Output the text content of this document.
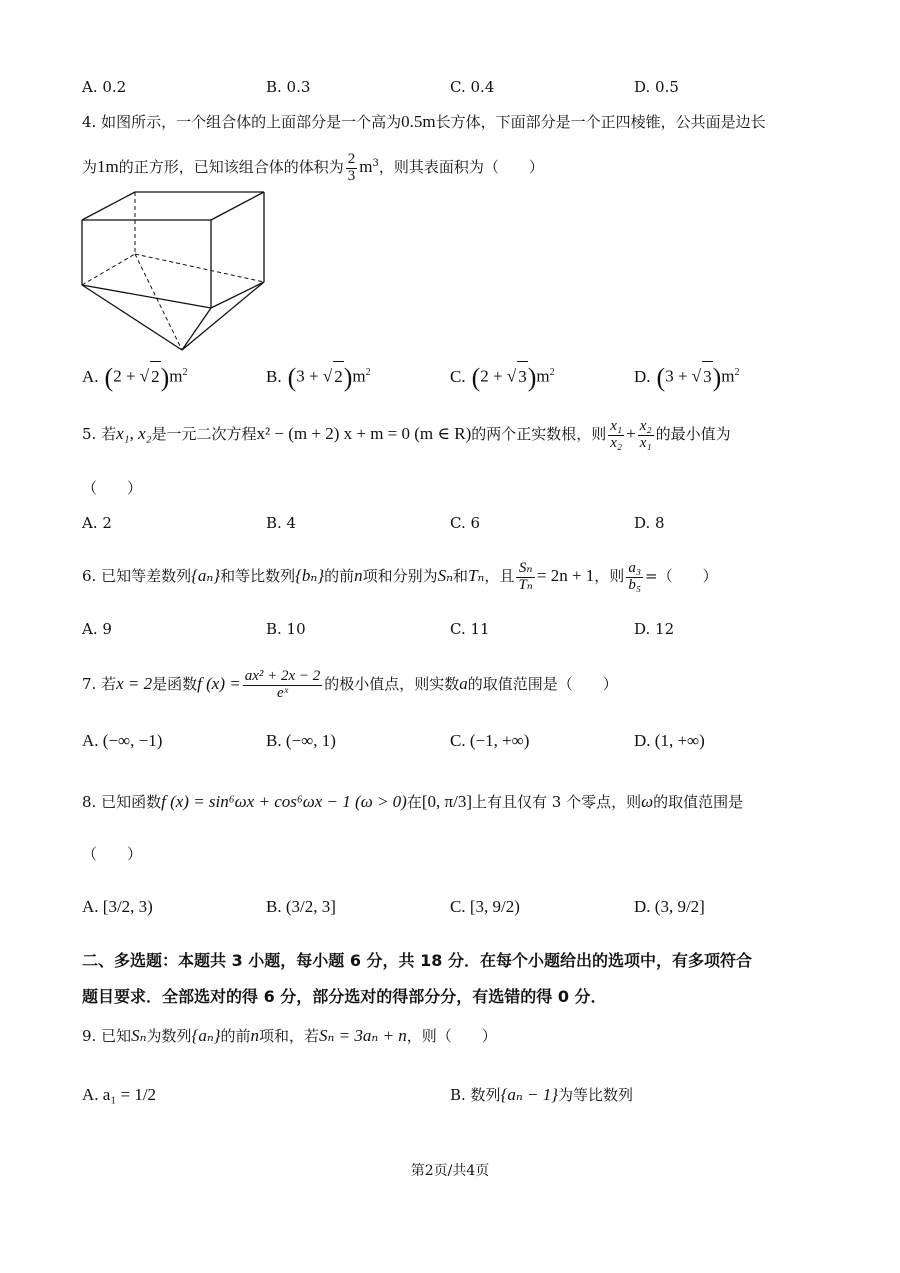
A. 0.2	B. 0.3	C. 0.4	D. 0.5
4. 如图所示，一个组合体的上面部分是一个高为0.5m长方体，下面部分是一个正四棱锥，公共面是边长
为1m的正方形，已知该组合体的体积为 $\frac{2}{3} m^3$，则其表面积为（　　）
A. (2 + √ $2)m^2$	B. (3 + √ $2)m^2$	C. (2 + √ $3)m^2$	D. (3 + √ $3)m^2$
5. 若x₁, x₂是一元二次方程x² − (m + 2) x + m = 0 (m ∈ R)的两个正实数根，则 $\frac{\text{x₁}}{\text{x₂}} + \frac{\text{x₂}}{\text{x₁}}$ 的最小值为
（　　）
A. 2	B. 4	C. 6	D. 8
6. 已知等差数列{aₙ}和等比数列{bₙ}的前n项和分别为Sₙ和Tₙ，且 $\frac{\text{Sₙ}}{\text{Tₙ}} = 2n + 1$，则 $\frac{\text{a₃}}{\text{b₅}}$ =（　　）
A. 9	B. 10	C. 11	D. 12
7. 若x = 2是函数f $(x) = \frac{\text{ax² + 2x − 2}}{\text{eˣ}}$ 的极小值点，则实数a的取值范围是（　　）
A. (−∞, −1)	B. (−∞, 1)	C. (−1, +∞)	D. (1, +∞)
8. 已知函数f (x) = sin⁶ωx + cos⁶ωx − 1 (ω > 0)在[0, π/3]上有且仅有 3 个零点，则ω的取值范围是
（　　）
A. [3/2, 3)	B. (3/2, 3]	C. [3, 9/2)	D. (3, 9/2]
二、多选题：本题共 3 小题，每小题 6 分，共 18 分．在每个小题给出的选项中，有多项符合
题目要求．全部选对的得 6 分，部分选对的得部分分，有选错的得 0 分．
9. 已知Sₙ为数列{aₙ}的前n项和，若Sₙ = 3aₙ + n，则（　　）
A. a₁ = 1/2	B. 数列{aₙ − 1}为等比数列
第2页/共4页
